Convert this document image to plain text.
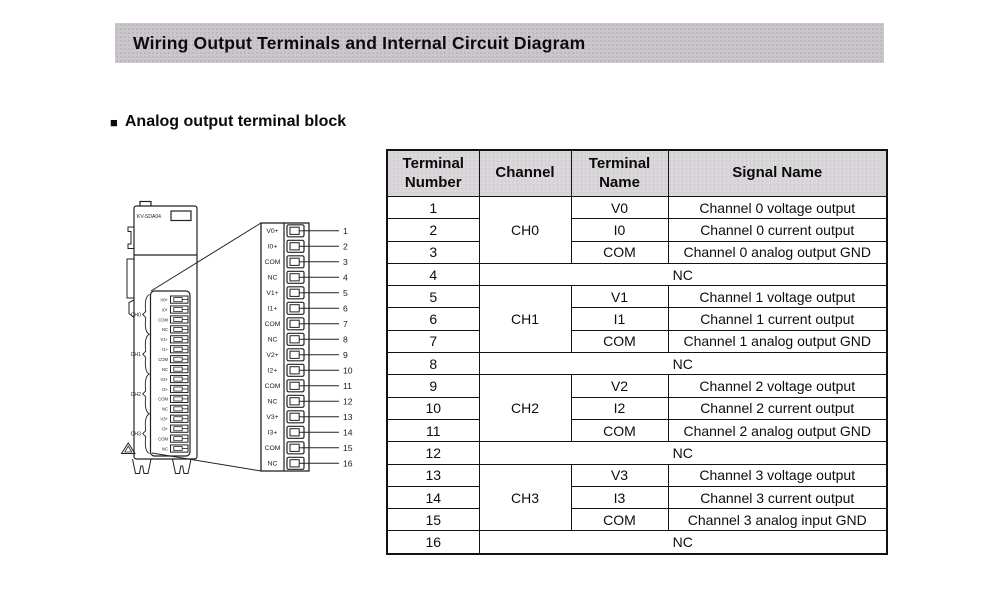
Wiring Output Terminals and Internal Circuit Diagram
■ Analog output terminal block
KV-SDA04
V0+
I0+
COM
NC
V1+
I1+
COM
NC
V2+
I2+
COM
NC
V3+
I3+
COM
NC
CH0
CH1
CH2
CH3
V0+	1
I0+	2
COM	3
NC	4
V1+	5
I1+	6
COM	7
NC	8
V2+	9
I2+	10
COM	11
NC	12
V3+	13
I3+	14
COM	15
NC	16
Terminal Number	Channel	Terminal Name	Signal Name
1	CH0	V0	Channel 0 voltage output
2		I0	Channel 0 current output
3		COM	Channel 0 analog output GND
4	NC		
5	CH1	V1	Channel 1 voltage output
6		I1	Channel 1 current output
7		COM	Channel 1 analog output GND
8	NC		
9	CH2	V2	Channel 2 voltage output
10		I2	Channel 2 current output
11		COM	Channel 2 analog output GND
12	NC		
13	CH3	V3	Channel 3 voltage output
14		I3	Channel 3 current output
15		COM	Channel 3 analog input GND
16	NC		
